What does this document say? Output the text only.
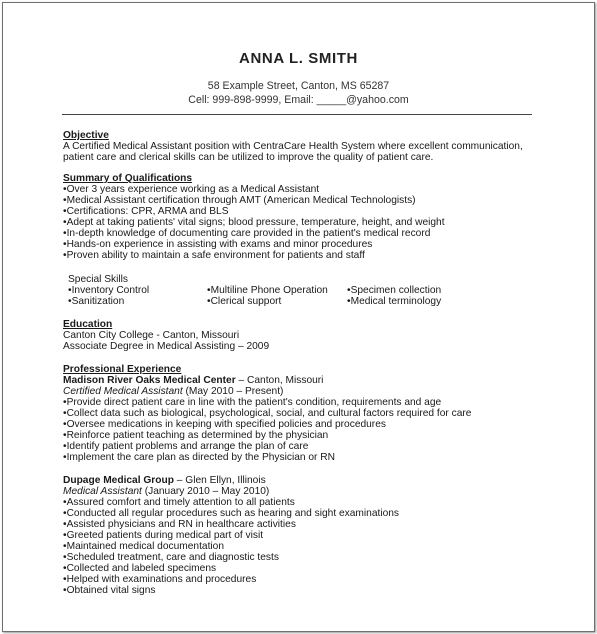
ANNA L. SMITH
58 Example Street, Canton, MS 65287
Cell: 999-898-9999, Email: _____@yahoo.com
Objective
A Certified Medical Assistant position with CentraCare Health System where excellent communication,
patient care and clerical skills can be utilized to improve the quality of patient care.
Summary of Qualifications
• Over 3 years experience working as a Medical Assistant
• Medical Assistant certification through AMT (American Medical Technologists)
• Certifications: CPR, ARMA and BLS
• Adept at taking patients' vital signs; blood pressure, temperature, height, and weight
• In-depth knowledge of documenting care provided in the patient's medical record
• Hands-on experience in assisting with exams and minor procedures
• Proven ability to maintain a safe environment for patients and staff
Special Skills
• Inventory Control	• Multiline Phone Operation	• Specimen collection
• Sanitization	• Clerical support	• Medical terminology
Education
Canton City College - Canton, Missouri
Associate Degree in Medical Assisting – 2009
Professional Experience
Madison River Oaks Medical Center – Canton, Missouri
Certified Medical Assistant (May 2010 – Present)
• Provide direct patient care in line with the patient's condition, requirements and age
• Collect data such as biological, psychological, social, and cultural factors required for care
• Oversee medications in keeping with specified policies and procedures
• Reinforce patient teaching as determined by the physician
• Identify patient problems and arrange the plan of care
• Implement the care plan as directed by the Physician or RN
Dupage Medical Group – Glen Ellyn, Illinois
Medical Assistant (January 2010 – May 2010)
• Assured comfort and timely attention to all patients
• Conducted all regular procedures such as hearing and sight examinations
• Assisted physicians and RN in healthcare activities
• Greeted patients during medical part of visit
• Maintained medical documentation
• Scheduled treatment, care and diagnostic tests
• Collected and labeled specimens
• Helped with examinations and procedures
• Obtained vital signs
